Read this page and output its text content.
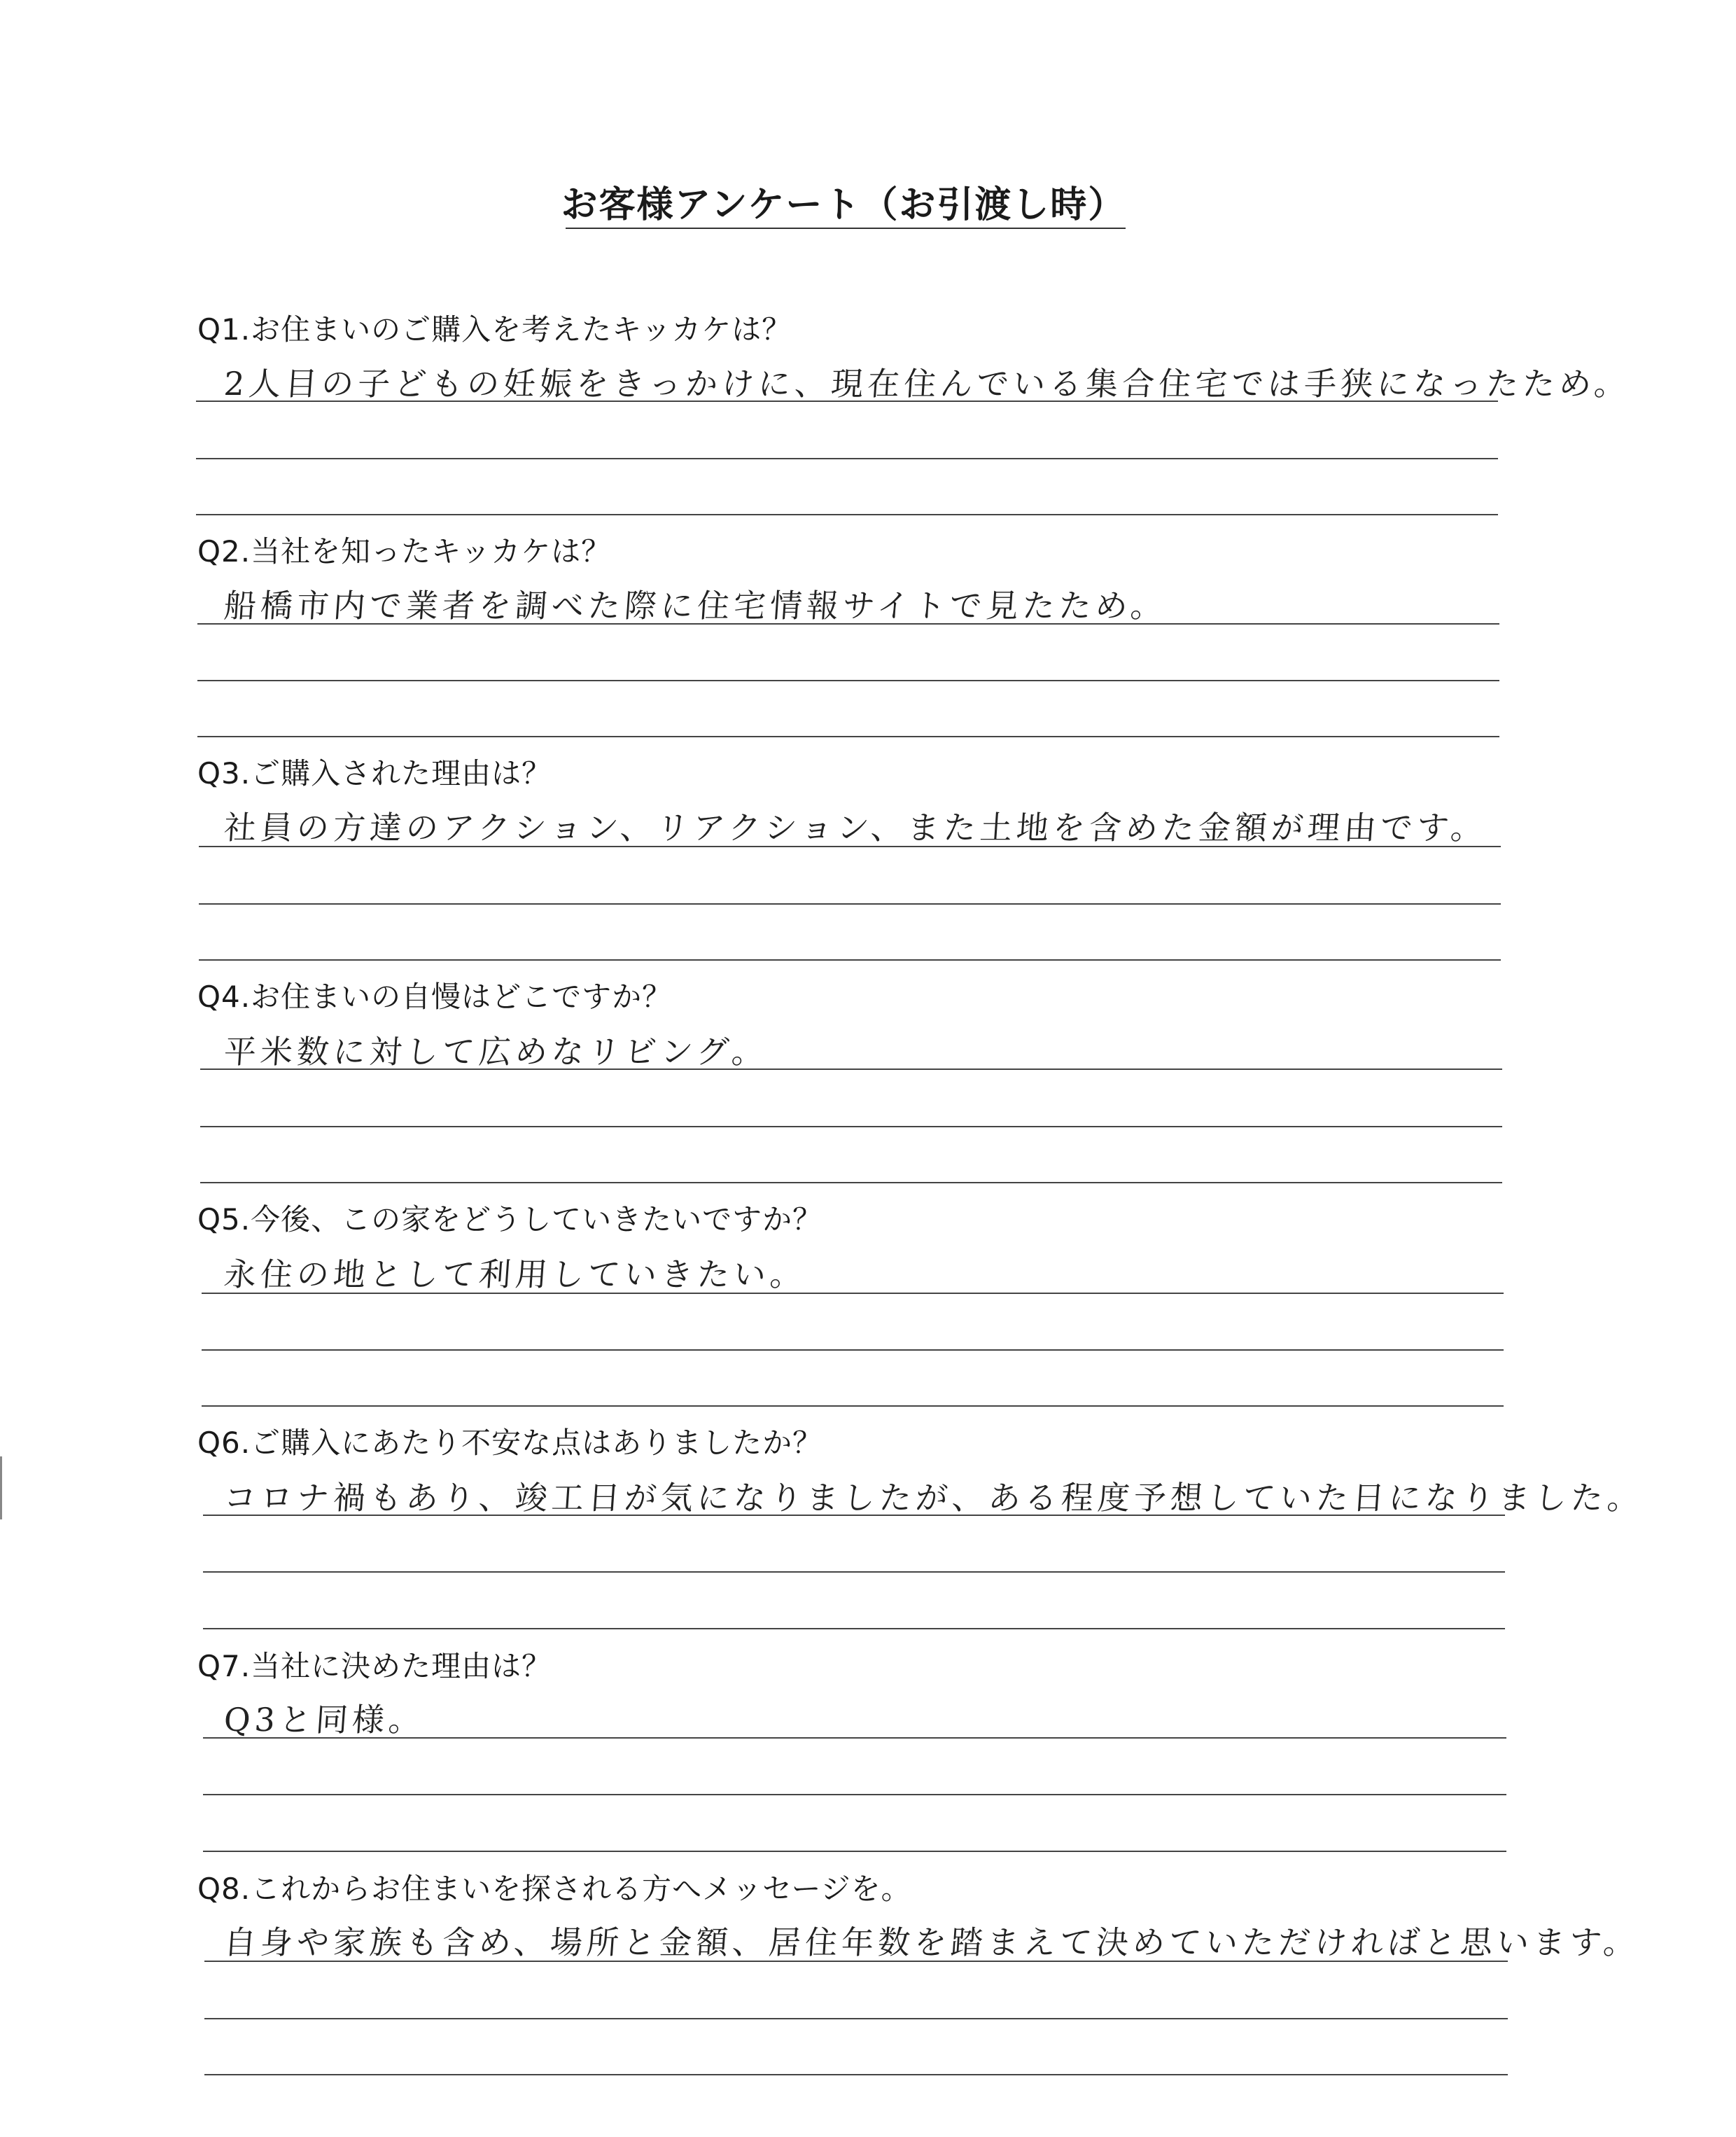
お客様アンケート（お引渡し時）
Q1.お住まいのご購入を考えたキッカケは？
2人目の子どもの妊娠をきっかけに、現在住んでいる集合住宅では手狭になったため。
Q2.当社を知ったキッカケは？
船橋市内で業者を調べた際に住宅情報サイトで見たため。
Q3.ご購入された理由は？
社員の方達のアクション、リアクション、また土地を含めた金額が理由です。
Q4.お住まいの自慢はどこですか？
平米数に対して広めなリビング。
Q5.今後、この家をどうしていきたいですか？
永住の地として利用していきたい。
Q6.ご購入にあたり不安な点はありましたか？
コロナ禍もあり、竣工日が気になりましたが、ある程度予想していた日になりました。
Q7.当社に決めた理由は？
Q3と同様。
Q8.これからお住まいを探される方へメッセージを。
自身や家族も含め、場所と金額、居住年数を踏まえて決めていただければと思います。
